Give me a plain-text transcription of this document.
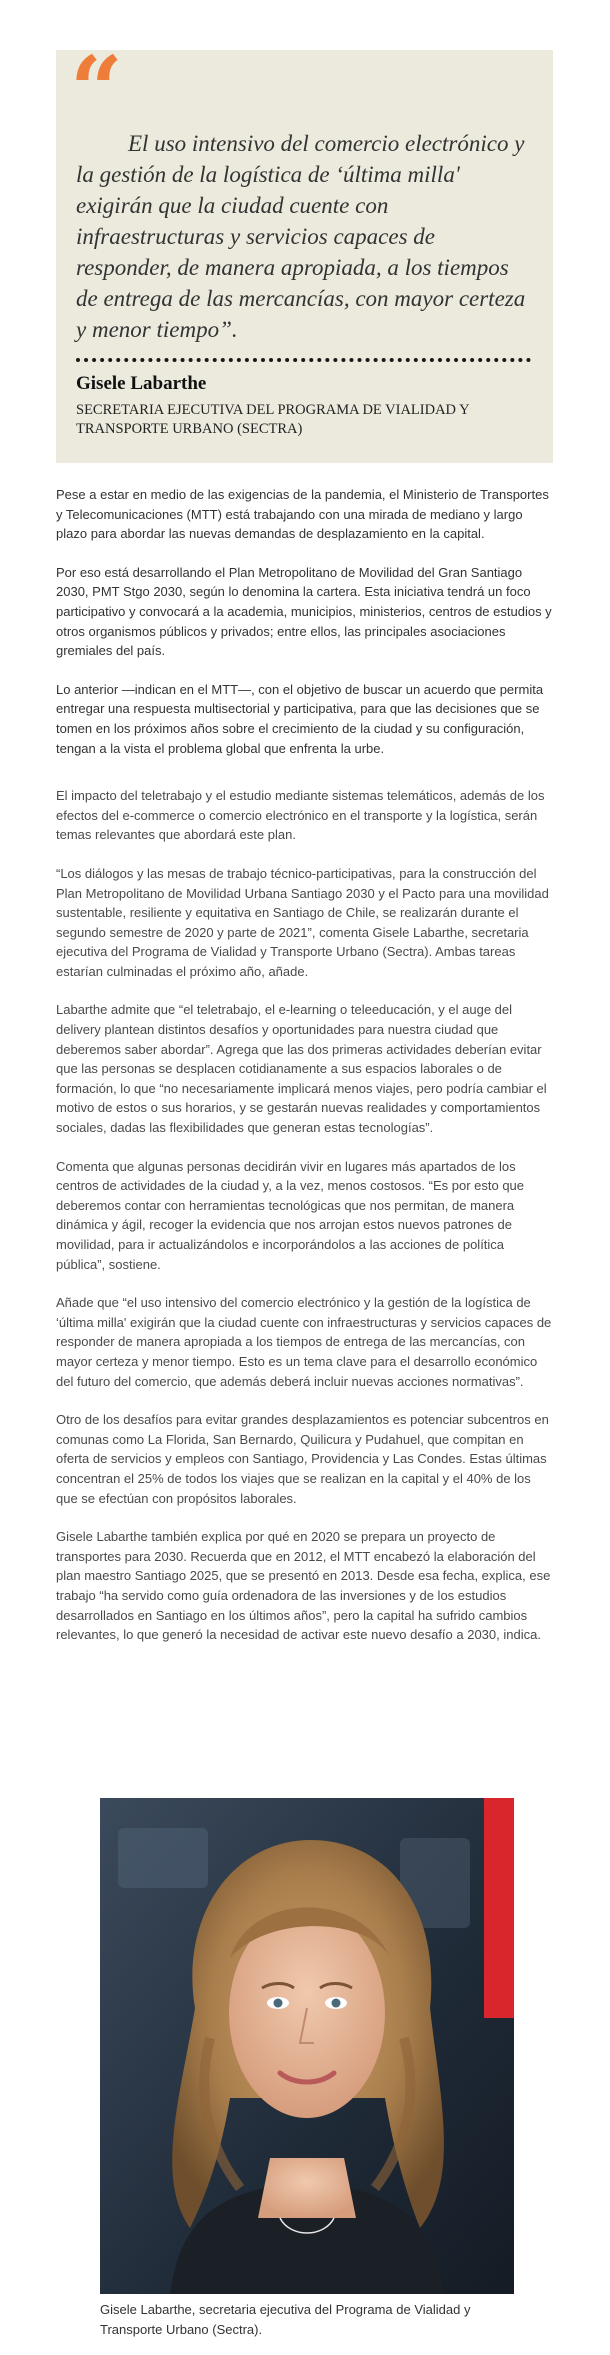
“ El uso intensivo del comercio electrónico y la gestión de la logística de ‘última milla' exigirán que la ciudad cuente con infraestructuras y servicios capaces de responder, de manera apropiada, a los tiempos de entrega de las mercancías, con mayor certeza y menor tiempo”.

Gisele Labarthe

SECRETARIA EJECUTIVA DEL PROGRAMA DE VIALIDAD Y TRANSPORTE URBANO (SECTRA)

Pese a estar en medio de las exigencias de la pandemia, el Ministerio de Transportes y Telecomunicaciones (MTT) está trabajando con una mirada de mediano y largo plazo para abordar las nuevas demandas de desplazamiento en la capital.

Por eso está desarrollando el Plan Metropolitano de Movilidad del Gran Santiago 2030, PMT Stgo 2030, según lo denomina la cartera. Esta iniciativa tendrá un foco participativo y convocará a la academia, municipios, ministerios, centros de estudios y otros organismos públicos y privados; entre ellos, las principales asociaciones gremiales del país.

Lo anterior —indican en el MTT—, con el objetivo de buscar un acuerdo que permita entregar una respuesta multisectorial y participativa, para que las decisiones que se tomen en los próximos años sobre el crecimiento de la ciudad y su configuración, tengan a la vista el problema global que enfrenta la urbe.

El impacto del teletrabajo y el estudio mediante sistemas telemáticos, además de los efectos del e-commerce o comercio electrónico en el transporte y la logística, serán temas relevantes que abordará este plan.

“Los diálogos y las mesas de trabajo técnico-participativas, para la construcción del Plan Metropolitano de Movilidad Urbana Santiago 2030 y el Pacto para una movilidad sustentable, resiliente y equitativa en Santiago de Chile, se realizarán durante el segundo semestre de 2020 y parte de 2021”, comenta Gisele Labarthe, secretaria ejecutiva del Programa de Vialidad y Transporte Urbano (Sectra). Ambas tareas estarían culminadas el próximo año, añade.

Labarthe admite que “el teletrabajo, el e-learning o teleeducación, y el auge del delivery plantean distintos desafíos y oportunidades para nuestra ciudad que deberemos saber abordar”. Agrega que las dos primeras actividades deberían evitar que las personas se desplacen cotidianamente a sus espacios laborales o de formación, lo que “no necesariamente implicará menos viajes, pero podría cambiar el motivo de estos o sus horarios, y se gestarán nuevas realidades y comportamientos sociales, dadas las flexibilidades que generan estas tecnologías”.

Comenta que algunas personas decidirán vivir en lugares más apartados de los centros de actividades de la ciudad y, a la vez, menos costosos. “Es por esto que deberemos contar con herramientas tecnológicas que nos permitan, de manera dinámica y ágil, recoger la evidencia que nos arrojan estos nuevos patrones de movilidad, para ir actualizándolos e incorporándolos a las acciones de política pública”, sostiene.

Añade que “el uso intensivo del comercio electrónico y la gestión de la logística de ‘última milla' exigirán que la ciudad cuente con infraestructuras y servicios capaces de responder de manera apropiada a los tiempos de entrega de las mercancías, con mayor certeza y menor tiempo. Esto es un tema clave para el desarrollo económico del futuro del comercio, que además deberá incluir nuevas acciones normativas”.

Otro de los desafíos para evitar grandes desplazamientos es potenciar subcentros en comunas como La Florida, San Bernardo, Quilicura y Pudahuel, que compitan en oferta de servicios y empleos con Santiago, Providencia y Las Condes. Estas últimas concentran el 25% de todos los viajes que se realizan en la capital y el 40% de los que se efectúan con propósitos laborales.

Gisele Labarthe también explica por qué en 2020 se prepara un proyecto de transportes para 2030. Recuerda que en 2012, el MTT encabezó la elaboración del plan maestro Santiago 2025, que se presentó en 2013. Desde esa fecha, explica, ese trabajo “ha servido como guía ordenadora de las inversiones y de los estudios desarrollados en Santiago en los últimos años”, pero la capital ha sufrido cambios relevantes, lo que generó la necesidad de activar este nuevo desafío a 2030, indica.

Gisele Labarthe, secretaria ejecutiva del Programa de Vialidad y Transporte Urbano (Sectra).
